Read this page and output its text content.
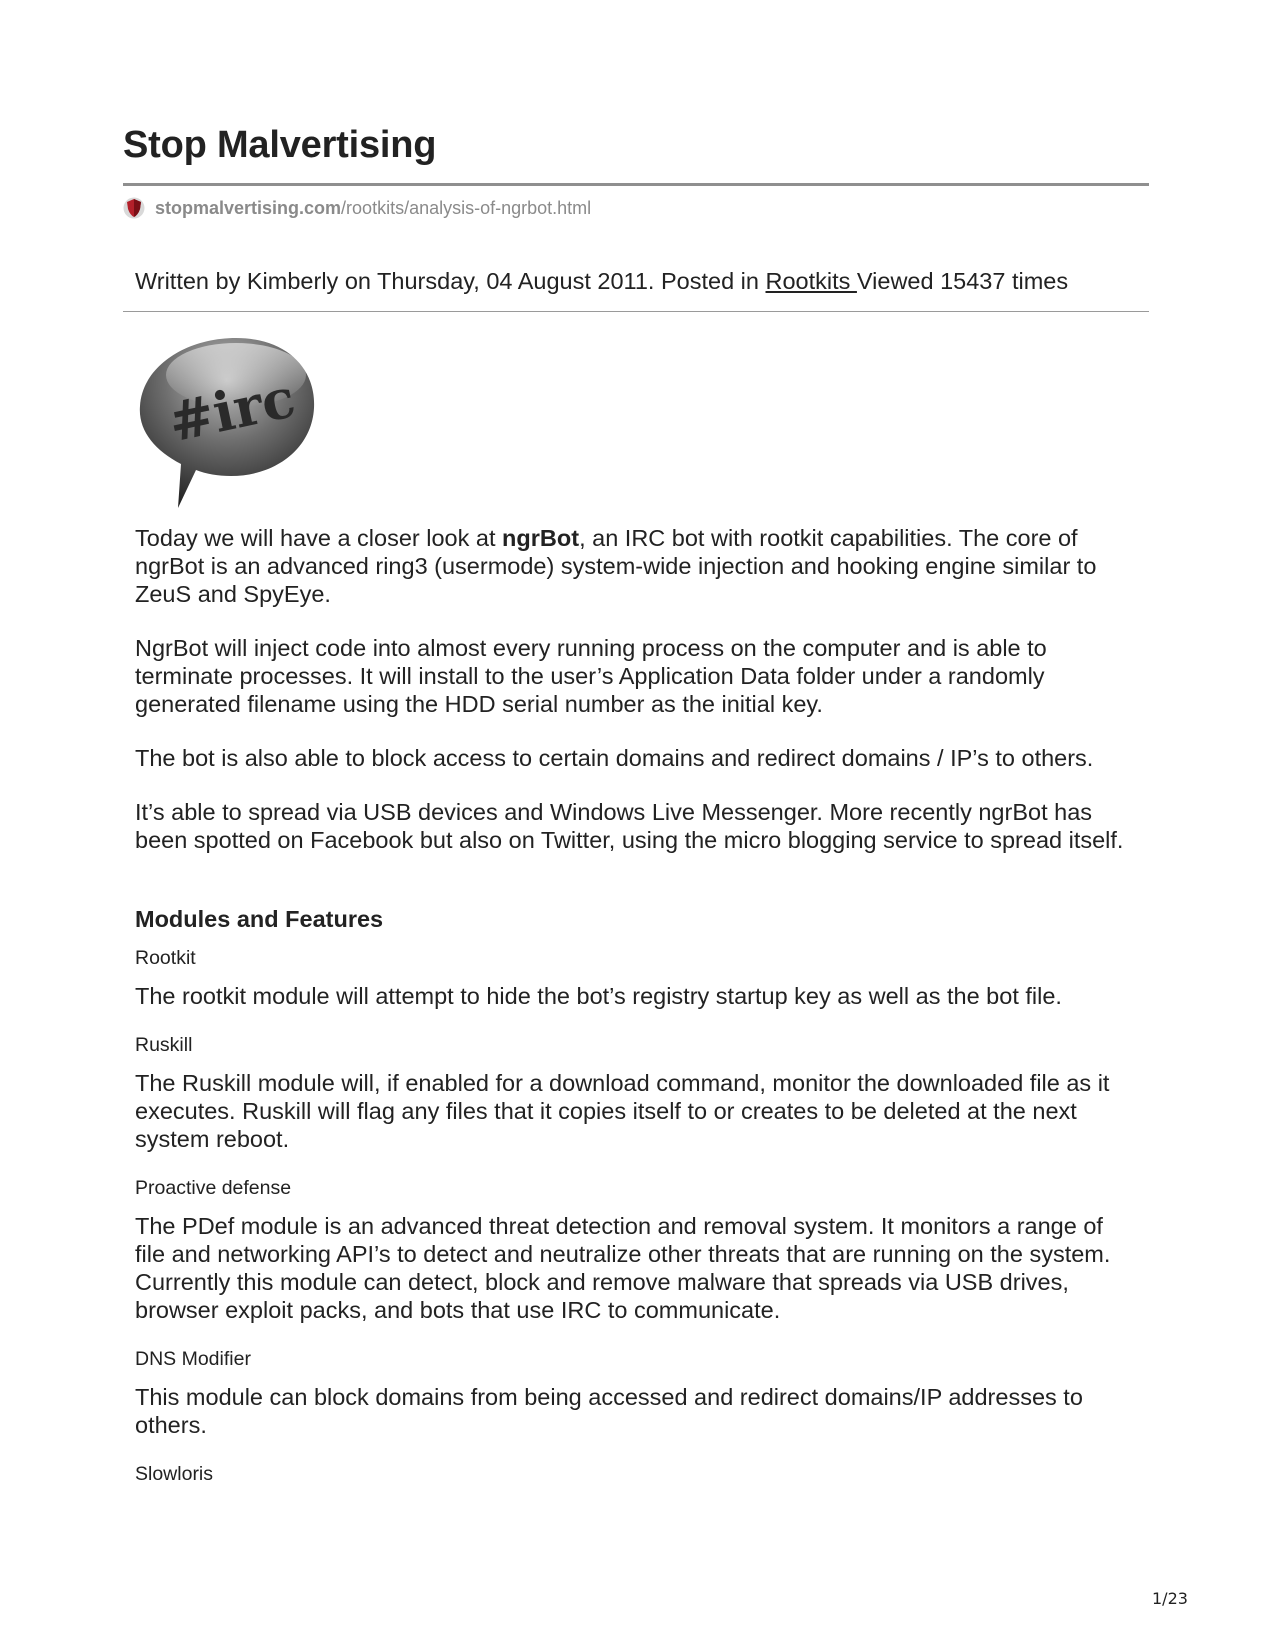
Stop Malvertising
stopmalvertising.com /rootkits/analysis-of-ngrbot.html
Written by Kimberly on Thursday, 04 August 2011. Posted in Rootkits Viewed 15437 times
#irc

Today we will have a closer look at ngrBot, an IRC bot with rootkit capabilities. The core of ngrBot is an advanced ring3 (usermode) system-wide injection and hooking engine similar to ZeuS and SpyEye.

NgrBot will inject code into almost every running process on the computer and is able to terminate processes. It will install to the user’s Application Data folder under a randomly generated filename using the HDD serial number as the initial key.

The bot is also able to block access to certain domains and redirect domains / IP’s to others.

It’s able to spread via USB devices and Windows Live Messenger. More recently ngrBot has been spotted on Facebook but also on Twitter, using the micro blogging service to spread itself.

Modules and Features
Rootkit

The rootkit module will attempt to hide the bot’s registry startup key as well as the bot file.

Ruskill

The Ruskill module will, if enabled for a download command, monitor the downloaded file as it executes. Ruskill will flag any files that it copies itself to or creates to be deleted at the next system reboot.

Proactive defense

The PDef module is an advanced threat detection and removal system. It monitors a range of file and networking API’s to detect and neutralize other threats that are running on the system. Currently this module can detect, block and remove malware that spreads via USB drives, browser exploit packs, and bots that use IRC to communicate.

DNS Modifier

This module can block domains from being accessed and redirect domains/IP addresses to others.

Slowloris
1/23
